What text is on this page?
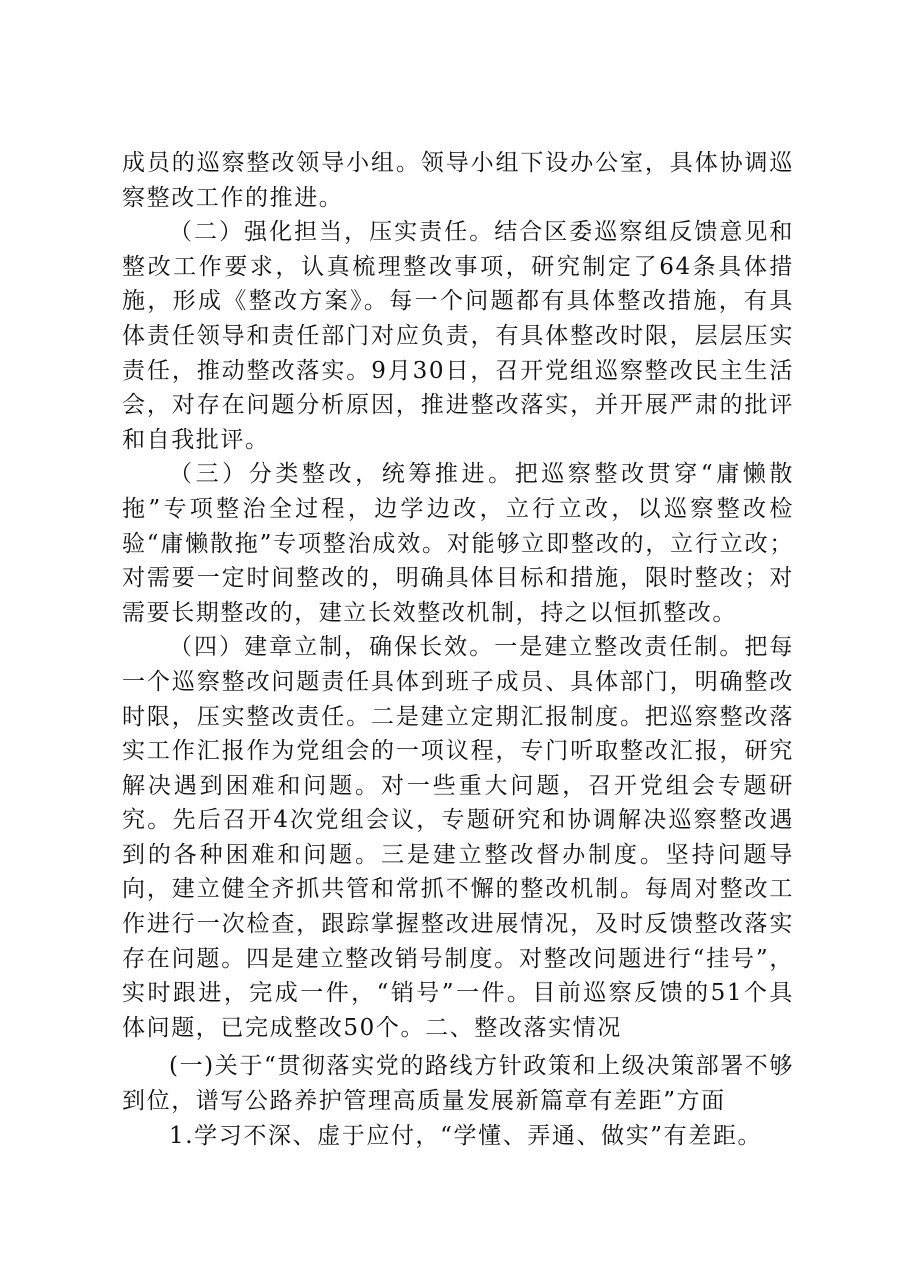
成员的巡察整改领导小组。领导小组下设办公室，具体协调巡察整改工作的推进。

（二）强化担当，压实责任。结合区委巡察组反馈意见和整改工作要求，认真梳理整改事项，研究制定了64条具体措施，形成《整改方案》。每一个问题都有具体整改措施，有具体责任领导和责任部门对应负责，有具体整改时限，层层压实责任，推动整改落实。9月30日，召开党组巡察整改民主生活会，对存在问题分析原因，推进整改落实，并开展严肃的批评和自我批评。

（三）分类整改，统筹推进。把巡察整改贯穿“庸懒散拖”专项整治全过程，边学边改，立行立改，以巡察整改检验“庸懒散拖”专项整治成效。对能够立即整改的，立行立改；对需要一定时间整改的，明确具体目标和措施，限时整改；对需要长期整改的，建立长效整改机制，持之以恒抓整改。

（四）建章立制，确保长效。一是建立整改责任制。把每一个巡察整改问题责任具体到班子成员、具体部门，明确整改时限，压实整改责任。二是建立定期汇报制度。把巡察整改落实工作汇报作为党组会的一项议程，专门听取整改汇报，研究解决遇到困难和问题。对一些重大问题，召开党组会专题研究。先后召开4次党组会议，专题研究和协调解决巡察整改遇到的各种困难和问题。三是建立整改督办制度。坚持问题导向，建立健全齐抓共管和常抓不懈的整改机制。每周对整改工作进行一次检查，跟踪掌握整改进展情况，及时反馈整改落实存在问题。四是建立整改销号制度。对整改问题进行“挂号”，实时跟进，完成一件，“销号”一件。目前巡察反馈的51个具体问题，已完成整改50个。二、整改落实情况

(一)关于“贯彻落实党的路线方针政策和上级决策部署不够到位，谱写公路养护管理高质量发展新篇章有差距”方面

1.学习不深、虚于应付，“学懂、弄通、做实”有差距。
